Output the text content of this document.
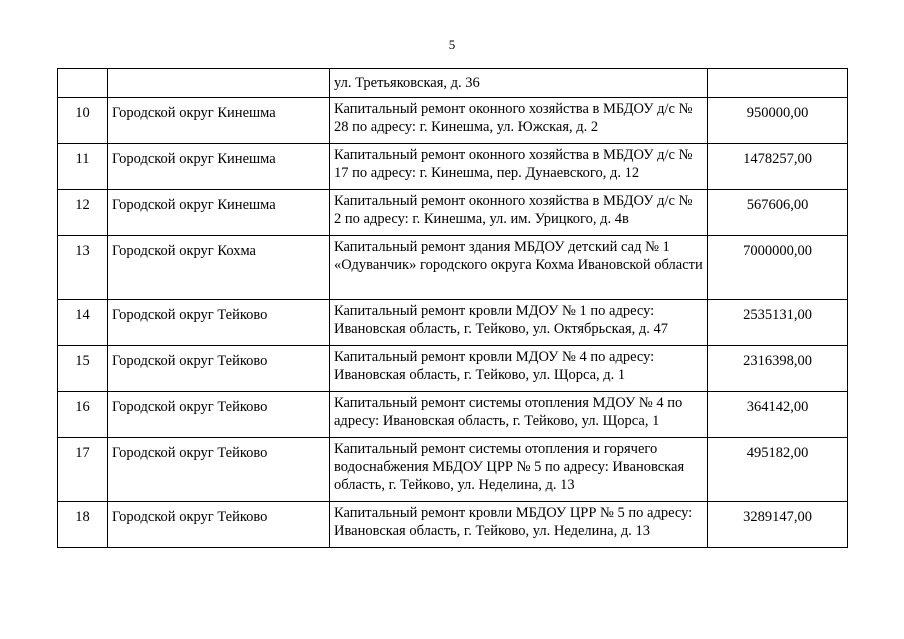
5
		ул. Третьяковская, д. 36	
10	Городской округ Кинешма	Капитальный ремонт оконного хозяйства в МБДОУ д/с № 28 по адресу: г. Кинешма, ул. Южская, д. 2	950000,00
11	Городской округ Кинешма	Капитальный ремонт оконного хозяйства в МБДОУ д/с № 17 по адресу: г. Кинешма, пер. Дунаевского, д. 12	1478257,00
12	Городской округ Кинешма	Капитальный ремонт оконного хозяйства в МБДОУ д/с № 2 по адресу: г. Кинешма, ул. им. Урицкого, д. 4в	567606,00
13	Городской округ Кохма	Капитальный ремонт здания МБДОУ детский сад № 1 «Одуванчик» городского округа Кохма Ивановской области	7000000,00
14	Городской округ Тейково	Капитальный ремонт кровли МДОУ № 1 по адресу: Ивановская область, г. Тейково, ул. Октябрьская, д. 47	2535131,00
15	Городской округ Тейково	Капитальный ремонт кровли МДОУ № 4 по адресу: Ивановская область, г. Тейково, ул. Щорса, д. 1	2316398,00
16	Городской округ Тейково	Капитальный ремонт системы отопления МДОУ № 4 по адресу: Ивановская область, г. Тейково, ул. Щорса, 1	364142,00
17	Городской округ Тейково	Капитальный ремонт системы отопления и горячего водоснабжения МБДОУ ЦРР № 5 по адресу: Ивановская область, г. Тейково, ул. Неделина, д. 13	495182,00
18	Городской округ Тейково	Капитальный ремонт кровли МБДОУ ЦРР № 5 по адресу: Ивановская область, г. Тейково, ул. Неделина, д. 13	3289147,00
